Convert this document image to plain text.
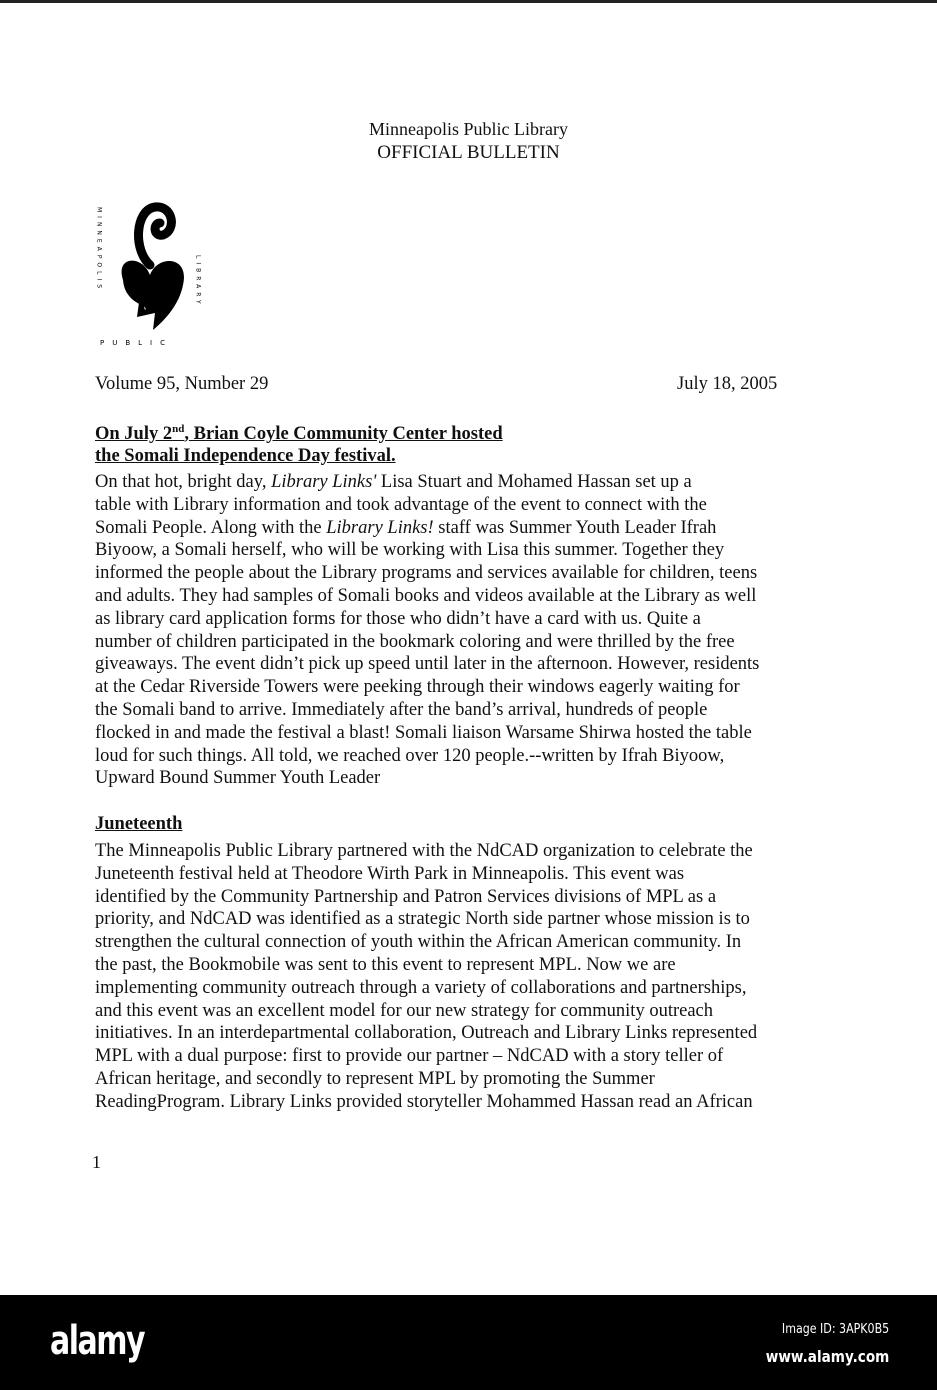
Minneapolis Public Library
OFFICIAL BULLETIN
MINNEAPOLIS	LIBRARY
PUBLIC
Volume 95, Number 29	July 18, 2005
On July 2nd, Brian Coyle Community Center hosted
the Somali Independence Day festival.
On that hot, bright day, Library Links' Lisa Stuart and Mohamed Hassan set up a
table with Library information and took advantage of the event to connect with the
Somali People. Along with the Library Links! staff was Summer Youth Leader Ifrah
Biyoow, a Somali herself, who will be working with Lisa this summer. Together they
informed the people about the Library programs and services available for children, teens
and adults. They had samples of Somali books and videos available at the Library as well
as library card application forms for those who didn’t have a card with us. Quite a
number of children participated in the bookmark coloring and were thrilled by the free
giveaways. The event didn’t pick up speed until later in the afternoon. However, residents
at the Cedar Riverside Towers were peeking through their windows eagerly waiting for
the Somali band to arrive. Immediately after the band’s arrival, hundreds of people
flocked in and made the festival a blast! Somali liaison Warsame Shirwa hosted the table
loud for such things. All told, we reached over 120 people.--written by Ifrah Biyoow,
Upward Bound Summer Youth Leader
Juneteenth
The Minneapolis Public Library partnered with the NdCAD organization to celebrate the
Juneteenth festival held at Theodore Wirth Park in Minneapolis. This event was
identified by the Community Partnership and Patron Services divisions of MPL as a
priority, and NdCAD was identified as a strategic North side partner whose mission is to
strengthen the cultural connection of youth within the African American community. In
the past, the Bookmobile was sent to this event to represent MPL. Now we are
implementing community outreach through a variety of collaborations and partnerships,
and this event was an excellent model for our new strategy for community outreach
initiatives. In an interdepartmental collaboration, Outreach and Library Links represented
MPL with a dual purpose: first to provide our partner – NdCAD with a story teller of
African heritage, and secondly to represent MPL by promoting the Summer
ReadingProgram. Library Links provided storyteller Mohammed Hassan read an African
1
alamy	Image ID: 3APK0B5
www.alamy.com
